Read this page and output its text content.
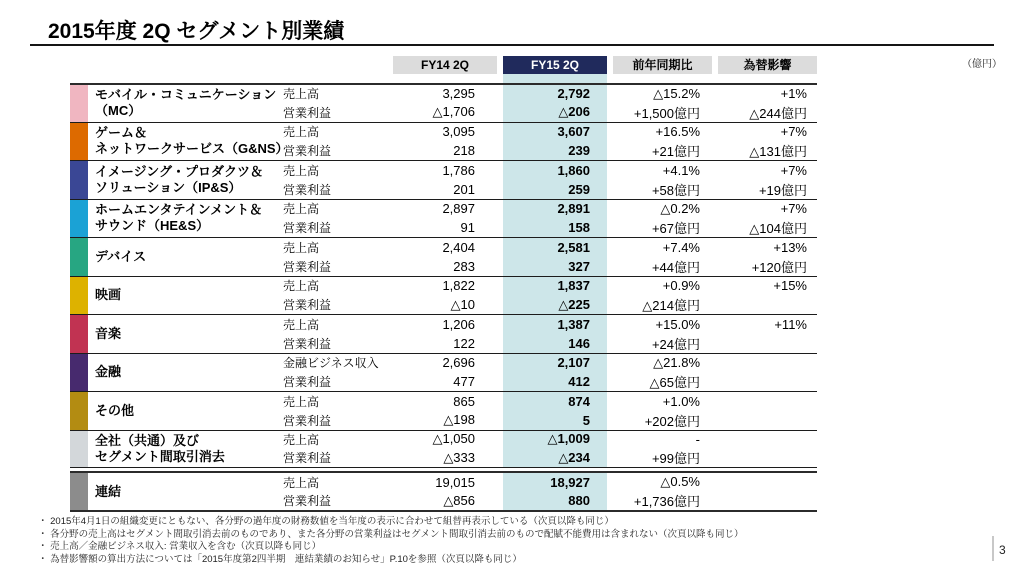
2015年度 2Q セグメント別業績
（億円）
FY14 2Q	FY15 2Q	前年同期比	為替影響
モバイル・コミュニケーション
（MC）
売上高	3,295	2,792	△15.2%	+1%
営業利益	△1,706	△206	+1,500億円	△244億円
ゲーム＆
ネットワークサービス（G&NS）
売上高	3,095	3,607	+16.5%	+7%
営業利益	218	239	+21億円	△131億円
イメージング・プロダクツ＆
ソリューション（IP&S）
売上高	1,786	1,860	+4.1%	+7%
営業利益	201	259	+58億円	+19億円
ホームエンタテインメント＆
サウンド（HE&S）
売上高	2,897	2,891	△0.2%	+7%
営業利益	91	158	+67億円	△104億円
デバイス
売上高	2,404	2,581	+7.4%	+13%
営業利益	283	327	+44億円	+120億円
映画
売上高	1,822	1,837	+0.9%	+15%
営業利益	△10	△225	△214億円
音楽
売上高	1,206	1,387	+15.0%	+11%
営業利益	122	146	+24億円
金融
金融ビジネス収入	2,696	2,107	△21.8%
営業利益	477	412	△65億円
その他
売上高	865	874	+1.0%
営業利益	△198	5	+202億円
全社（共通）及び
セグメント間取引消去
売上高	△1,050	△1,009	-
営業利益	△333	△234	+99億円
連結
売上高	19,015	18,927	△0.5%
営業利益	△856	880	+1,736億円
・ 2015年4月1日の組織変更にともない、各分野の過年度の財務数値を当年度の表示に合わせて組替再表示している（次頁以降も同じ）
・ 各分野の売上高はセグメント間取引消去前のものであり、また各分野の営業利益はセグメント間取引消去前のもので配賦不能費用は含まれない（次頁以降も同じ）
・ 売上高／金融ビジネス収入: 営業収入を含む（次頁以降も同じ）
・ 為替影響額の算出方法については「2015年度第2四半期　連結業績のお知らせ」P.10を参照（次頁以降も同じ）
3
